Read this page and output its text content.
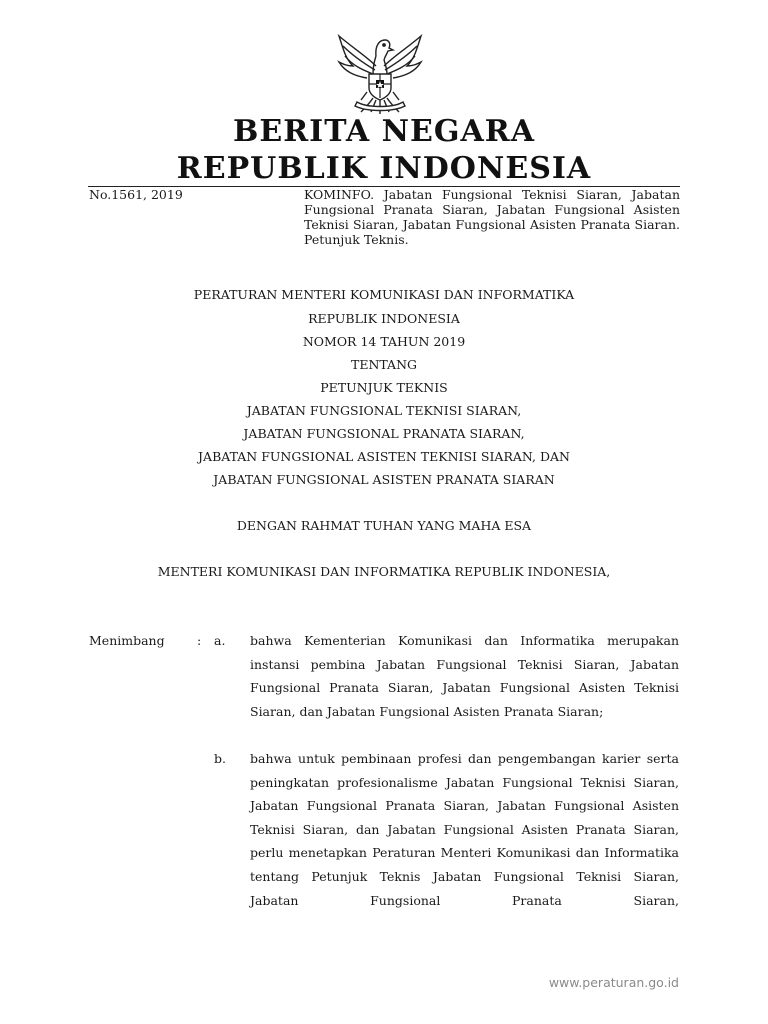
BERITA NEGARA
REPUBLIK INDONESIA
No.1561, 2019	KOMINFO. Jabatan Fungsional Teknisi Siaran, Jabatan Fungsional Pranata Siaran, Jabatan Fungsional Asisten Teknisi Siaran, Jabatan Fungsional Asisten Pranata Siaran. Petunjuk Teknis.

PERATURAN MENTERI KOMUNIKASI DAN INFORMATIKA
REPUBLIK INDONESIA
NOMOR 14 TAHUN 2019
TENTANG
PETUNJUK TEKNIS
JABATAN FUNGSIONAL TEKNISI SIARAN,
JABATAN FUNGSIONAL PRANATA SIARAN,
JABATAN FUNGSIONAL ASISTEN TEKNISI SIARAN, DAN
JABATAN FUNGSIONAL ASISTEN PRANATA SIARAN
DENGAN RAHMAT TUHAN YANG MAHA ESA
MENTERI KOMUNIKASI DAN INFORMATIKA REPUBLIK INDONESIA,
Menimbang	: a. bahwa Kementerian Komunikasi dan Informatika merupakan instansi pembina Jabatan Fungsional Teknisi Siaran, Jabatan Fungsional Pranata Siaran, Jabatan Fungsional Asisten Teknisi Siaran, dan Jabatan Fungsional Asisten Pranata Siaran;

b. bahwa untuk pembinaan profesi dan pengembangan karier serta peningkatan profesionalisme Jabatan Fungsional Teknisi Siaran, Jabatan Fungsional Pranata Siaran, Jabatan Fungsional Asisten Teknisi Siaran, dan Jabatan Fungsional Asisten Pranata Siaran, perlu menetapkan Peraturan Menteri Komunikasi dan Informatika tentang Petunjuk Teknis Jabatan Fungsional Teknisi Siaran, Jabatan Fungsional Pranata Siaran,

www.peraturan.go.id
